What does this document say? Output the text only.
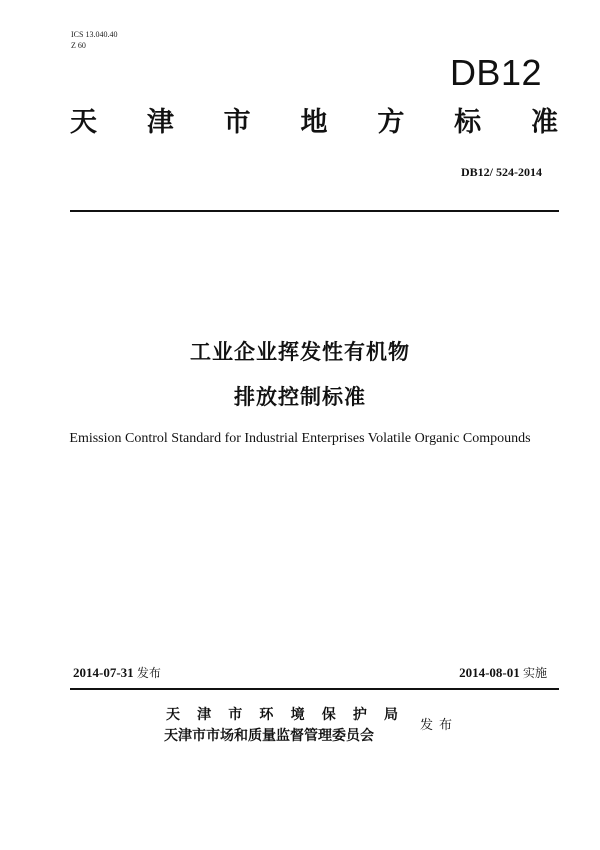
ICS 13.040.40
Z 60
DB12
天 津 市 地 方 标 准
DB12/ 524-2014
工业企业挥发性有机物
排放控制标准
Emission Control Standard for Industrial Enterprises Volatile Organic Compounds
2014-07-31 发布	2014-08-01 实施
天 津 市 环 境 保 护 局
天津市市场和质量监督管理委员会
发布
